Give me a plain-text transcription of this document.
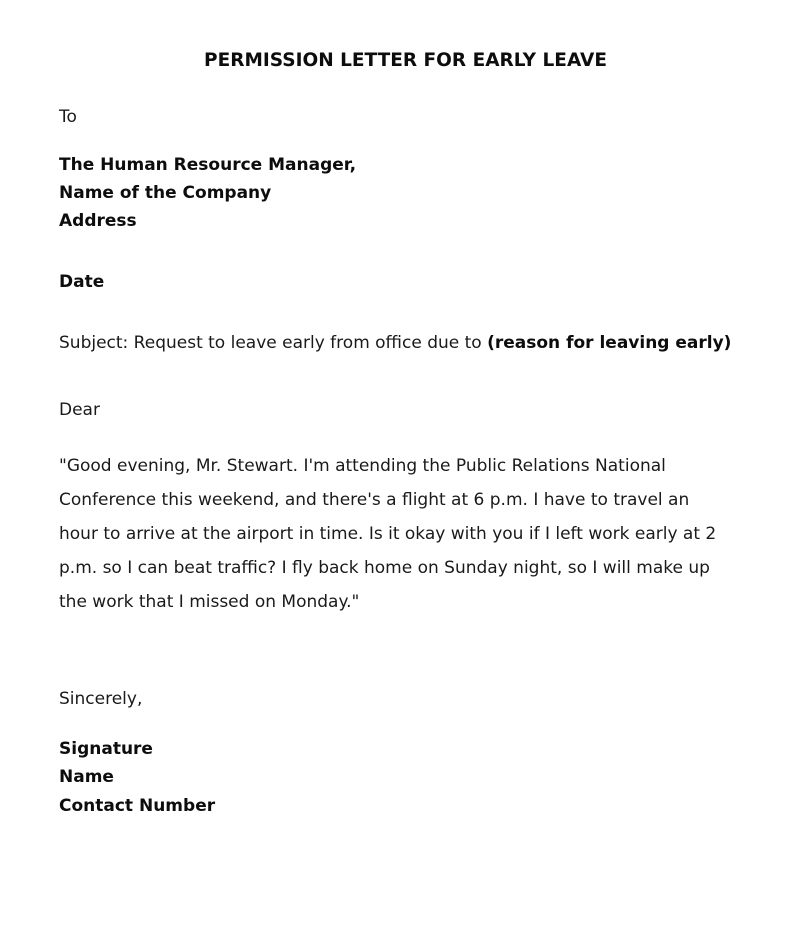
PERMISSION LETTER FOR EARLY LEAVE
To
The Human Resource Manager,
Name of the Company
Address
Date
Subject: Request to leave early from office due to (reason for leaving early)
Dear
"Good evening, Mr. Stewart. I'm attending the Public Relations National
Conference this weekend, and there's a flight at 6 p.m. I have to travel an
hour to arrive at the airport in time. Is it okay with you if I left work early at 2
p.m. so I can beat traffic? I fly back home on Sunday night, so I will make up
the work that I missed on Monday."
Sincerely,
Signature
Name
Contact Number
